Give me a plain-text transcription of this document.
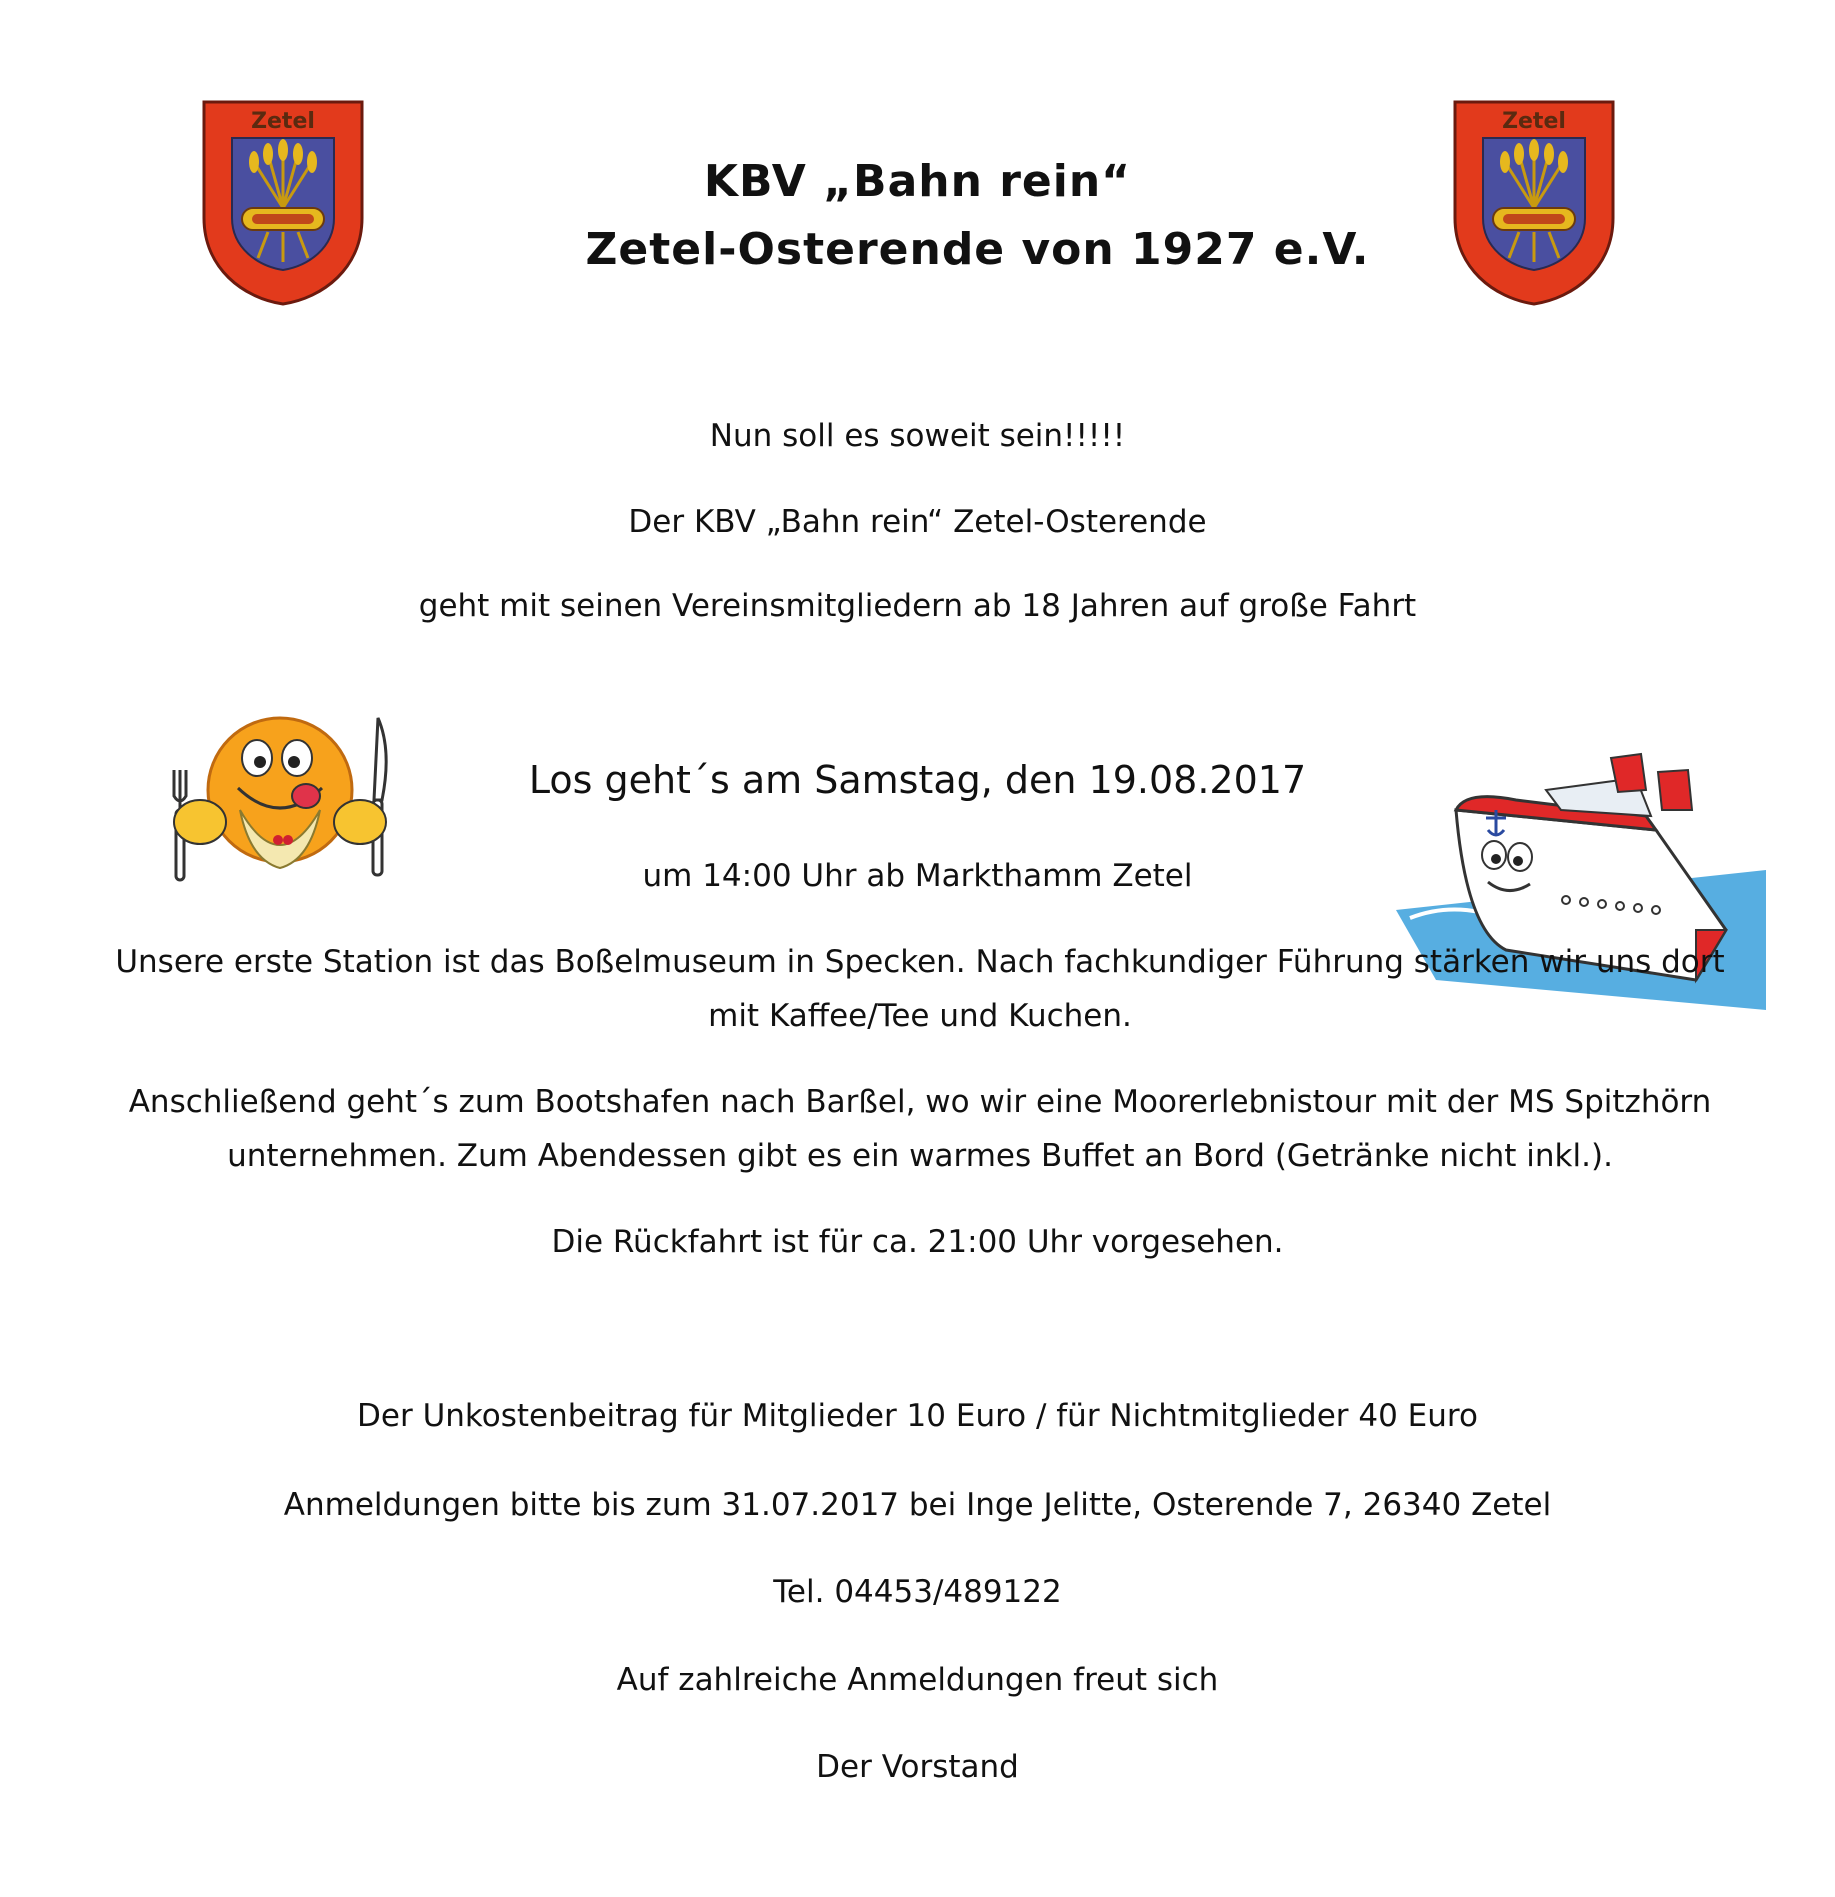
Zetel	Zetel
KBV „Bahn rein“
Zetel-Osterende von 1927 e.V.
Nun soll es soweit sein!!!!!
Der KBV „Bahn rein“ Zetel-Osterende
geht mit seinen Vereinsmitgliedern ab 18 Jahren auf große Fahrt
Los geht´s am Samstag, den 19.08.2017
um 14:00 Uhr ab Markthamm Zetel
Unsere erste Station ist das Boßelmuseum in Specken. Nach fachkundiger Führung stärken wir uns dort mit Kaffee/Tee und Kuchen.
Anschließend geht´s zum Bootshafen nach Barßel, wo wir eine Moorerlebnistour mit der MS Spitzhörn unternehmen. Zum Abendessen gibt es ein warmes Buffet an Bord (Getränke nicht inkl.).
Die Rückfahrt ist für ca. 21:00 Uhr vorgesehen.
Der Unkostenbeitrag für Mitglieder 10 Euro / für Nichtmitglieder 40 Euro
Anmeldungen bitte bis zum 31.07.2017 bei Inge Jelitte, Osterende 7, 26340 Zetel
Tel. 04453/489122
Auf zahlreiche Anmeldungen freut sich
Der Vorstand
